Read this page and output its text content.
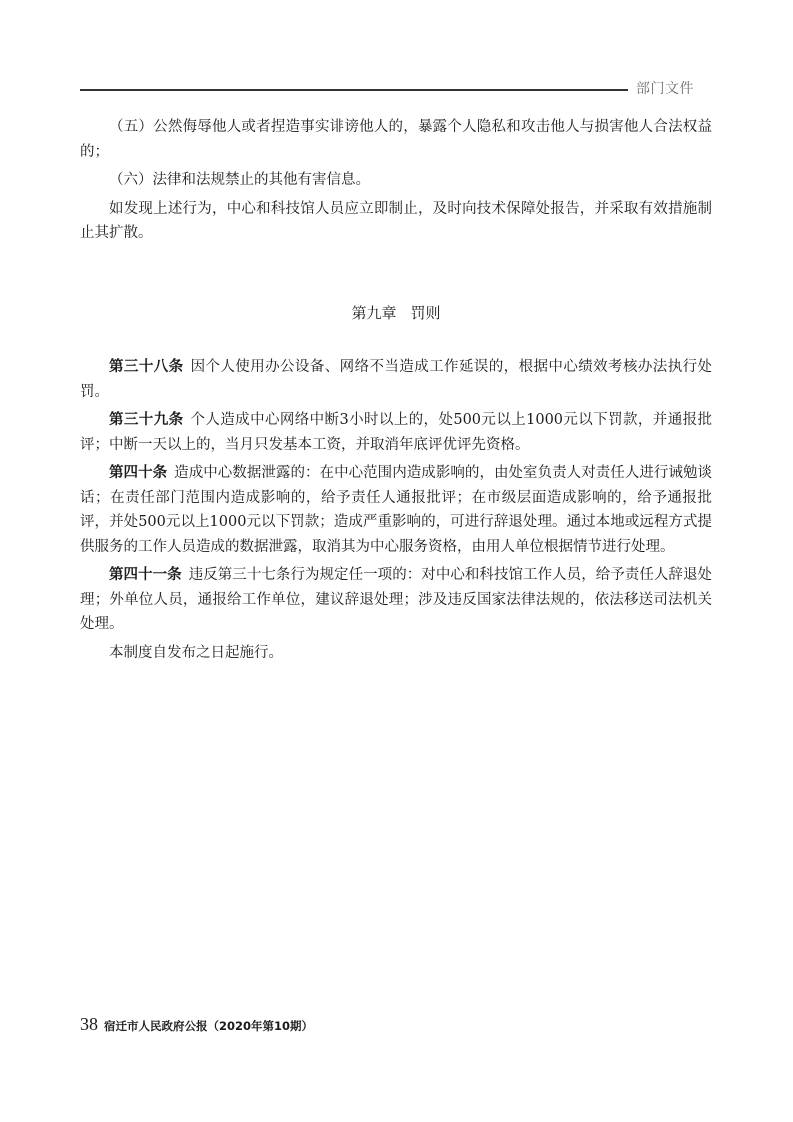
部门文件

（五）公然侮辱他人或者捏造事实诽谤他人的，暴露个人隐私和攻击他人与损害他人合法权益的；

（六）法律和法规禁止的其他有害信息。

如发现上述行为，中心和科技馆人员应立即制止，及时向技术保障处报告，并采取有效措施制止其扩散。

第九章 罚则

第三十八条 因个人使用办公设备、网络不当造成工作延误的，根据中心绩效考核办法执行处罚。

第三十九条 个人造成中心网络中断3小时以上的，处500元以上1000元以下罚款，并通报批评；中断一天以上的，当月只发基本工资，并取消年底评优评先资格。

第四十条 造成中心数据泄露的：在中心范围内造成影响的，由处室负责人对责任人进行诫勉谈话；在责任部门范围内造成影响的，给予责任人通报批评；在市级层面造成影响的，给予通报批评，并处500元以上1000元以下罚款；造成严重影响的，可进行辞退处理。通过本地或远程方式提供服务的工作人员造成的数据泄露，取消其为中心服务资格，由用人单位根据情节进行处理。

第四十一条 违反第三十七条行为规定任一项的：对中心和科技馆工作人员，给予责任人辞退处理；外单位人员，通报给工作单位，建议辞退处理；涉及违反国家法律法规的，依法移送司法机关处理。

本制度自发布之日起施行。

38 宿迁市人民政府公报（2020年第10期）
